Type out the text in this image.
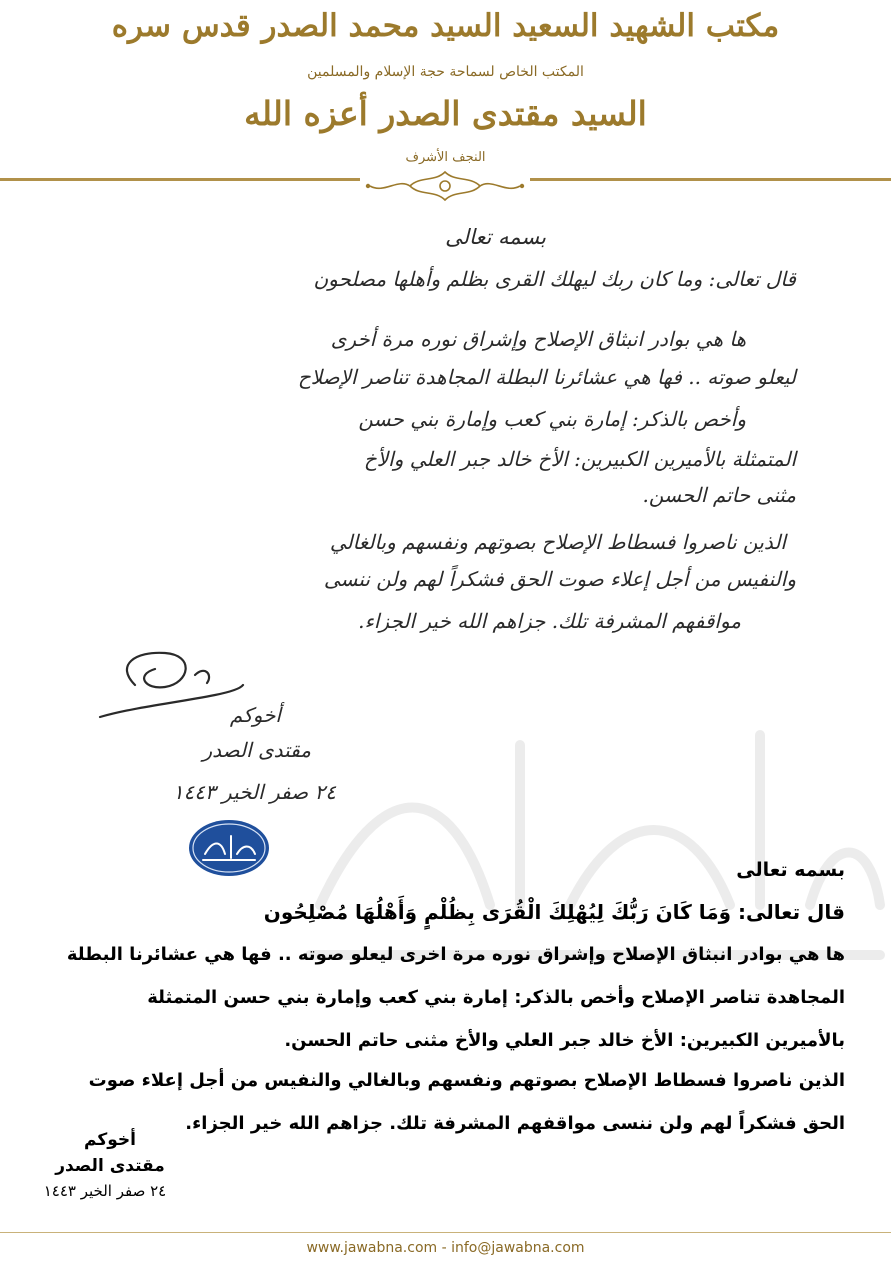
مكتب الشهيد السعيد السيد محمد الصدر قدس سره
المكتب الخاص لسماحة حجة الإسلام والمسلمين
السيد مقتدى الصدر أعزه الله
النجف الأشرف
بسمه تعالى
قال تعالى: وما كان ربك ليهلك القرى بظلم وأهلها مصلحون
ها هي بوادر انبثاق الإصلاح وإشراق نوره مرة أخرى
ليعلو صوته .. فها هي عشائرنا البطلة المجاهدة تناصر الإصلاح
وأخص بالذكر: إمارة بني كعب وإمارة بني حسن
المتمثلة بالأميرين الكبيرين: الأخ خالد جبر العلي والأخ
مثنى حاتم الحسن.
الذين ناصروا فسطاط الإصلاح بصوتهم ونفسهم وبالغالي
والنفيس من أجل إعلاء صوت الحق فشكراً لهم ولن ننسى
مواقفهم المشرفة تلك. جزاهم الله خير الجزاء.
أخوكم
مقتدى الصدر
٢٤ صفر الخير ١٤٤٣
بسمه تعالى
قال تعالى: وَمَا كَانَ رَبُّكَ لِيُهْلِكَ الْقُرَى بِظُلْمٍ وَأَهْلُهَا مُصْلِحُون
ها هي بوادر انبثاق الإصلاح وإشراق نوره مرة اخرى ليعلو صوته .. فها هي عشائرنا البطلة
المجاهدة تناصر الإصلاح وأخص بالذكر: إمارة بني كعب وإمارة بني حسن المتمثلة
بالأميرين الكبيرين: الأخ خالد جبر العلي والأخ مثنى حاتم الحسن.
الذين ناصروا فسطاط الإصلاح بصوتهم ونفسهم وبالغالي والنفيس من أجل إعلاء صوت
الحق فشكراً لهم ولن ننسى مواقفهم المشرفة تلك. جزاهم الله خير الجزاء.
أخوكم
مقتدى الصدر
٢٤ صفر الخير ١٤٤٣
www.jawabna.com - info@jawabna.com
